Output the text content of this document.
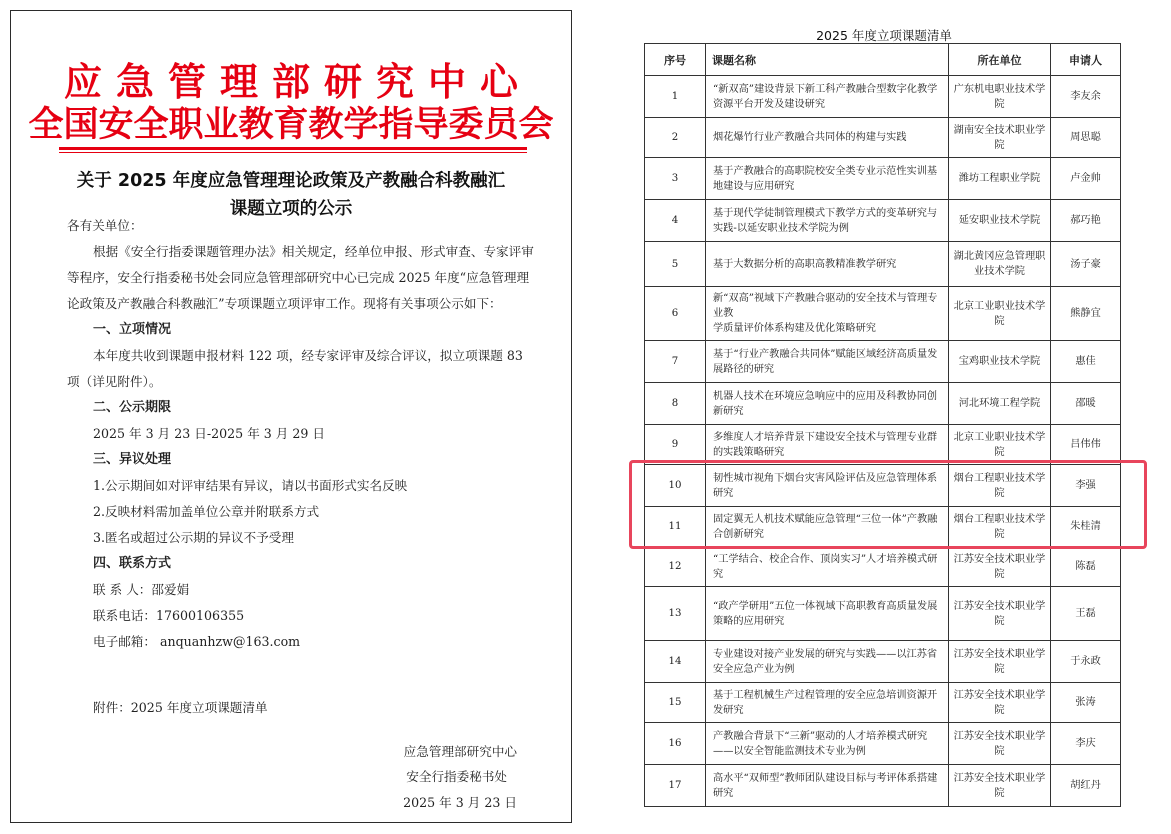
应急管理部研究中心
全国安全职业教育教学指导委员会
关于 2025 年度应急管理理论政策及产教融合科教融汇
课题立项的公示
各有关单位：
根据《安全行指委课题管理办法》相关规定，经单位申报、形式审查、专家评审等程序，安全行指委秘书处会同应急管理部研究中心已完成 2025 年度“应急管理理论政策及产教融合科教融汇”专项课题立项评审工作。现将有关事项公示如下：
一、立项情况
本年度共收到课题申报材料 122 项，经专家评审及综合评议，拟立项课题 83 项（详见附件）。
二、公示期限
2025 年 3 月 23 日-2025 年 3 月 29 日
三、异议处理
1.公示期间如对评审结果有异议，请以书面形式实名反映
2.反映材料需加盖单位公章并附联系方式
3.匿名或超过公示期的异议不予受理
四、联系方式
联 系 人：邵爱娟
联系电话：17600106355
电子邮箱： anquanhzw@163.com
附件：2025 年度立项课题清单
应急管理部研究中心
安全行指委秘书处
2025 年 3 月 23 日
2025 年度立项课题清单
序号	课题名称	所在单位	申请人
1	“新双高”建设背景下新工科产教融合型数字化教学资源平台开发及建设研究	广东机电职业技术学院	李友余
2	烟花爆竹行业产教融合共同体的构建与实践	湖南安全技术职业学院	周思聪
3	基于产教融合的高职院校安全类专业示范性实训基地建设与应用研究	潍坊工程职业学院	卢金帅
4	基于现代学徒制管理模式下教学方式的变革研究与实践-以延安职业技术学院为例	延安职业技术学院	郝巧艳
5	基于大数据分析的高职高教精准教学研究	湖北黄冈应急管理职业技术学院	汤子豪
6	新“双高”视域下产教融合驱动的安全技术与管理专业教
学质量评价体系构建及优化策略研究	北京工业职业技术学院	熊静宜
7	基于“行业产教融合共同体”赋能区域经济高质量发展路径的研究	宝鸡职业技术学院	惠佳
8	机器人技术在环境应急响应中的应用及科教协同创新研究	河北环境工程学院	邵暖
9	多维度人才培养背景下建设安全技术与管理专业群的实践策略研究	北京工业职业技术学院	吕伟伟
10	韧性城市视角下烟台灾害风险评估及应急管理体系研究	烟台工程职业技术学院	李强
11	固定翼无人机技术赋能应急管理“三位一体”产教融合创新研究	烟台工程职业技术学院	朱桂清
12	“工学结合、校企合作、顶岗实习”人才培养模式研究	江苏安全技术职业学院	陈磊
13	“政产学研用”五位一体视域下高职教育高质量发展
策略的应用研究	江苏安全技术职业学院	王磊
14	专业建设对接产业发展的研究与实践——以江苏省安全应急产业为例	江苏安全技术职业学院	于永政
15	基于工程机械生产过程管理的安全应急培训资源开发研究	江苏安全技术职业学院	张涛
16	产教融合背景下“三新”驱动的人才培养模式研究——以安全智能监测技术专业为例	江苏安全技术职业学院	李庆
17	高水平“双师型”教师团队建设目标与考评体系搭建研究	江苏安全技术职业学院	胡红丹
